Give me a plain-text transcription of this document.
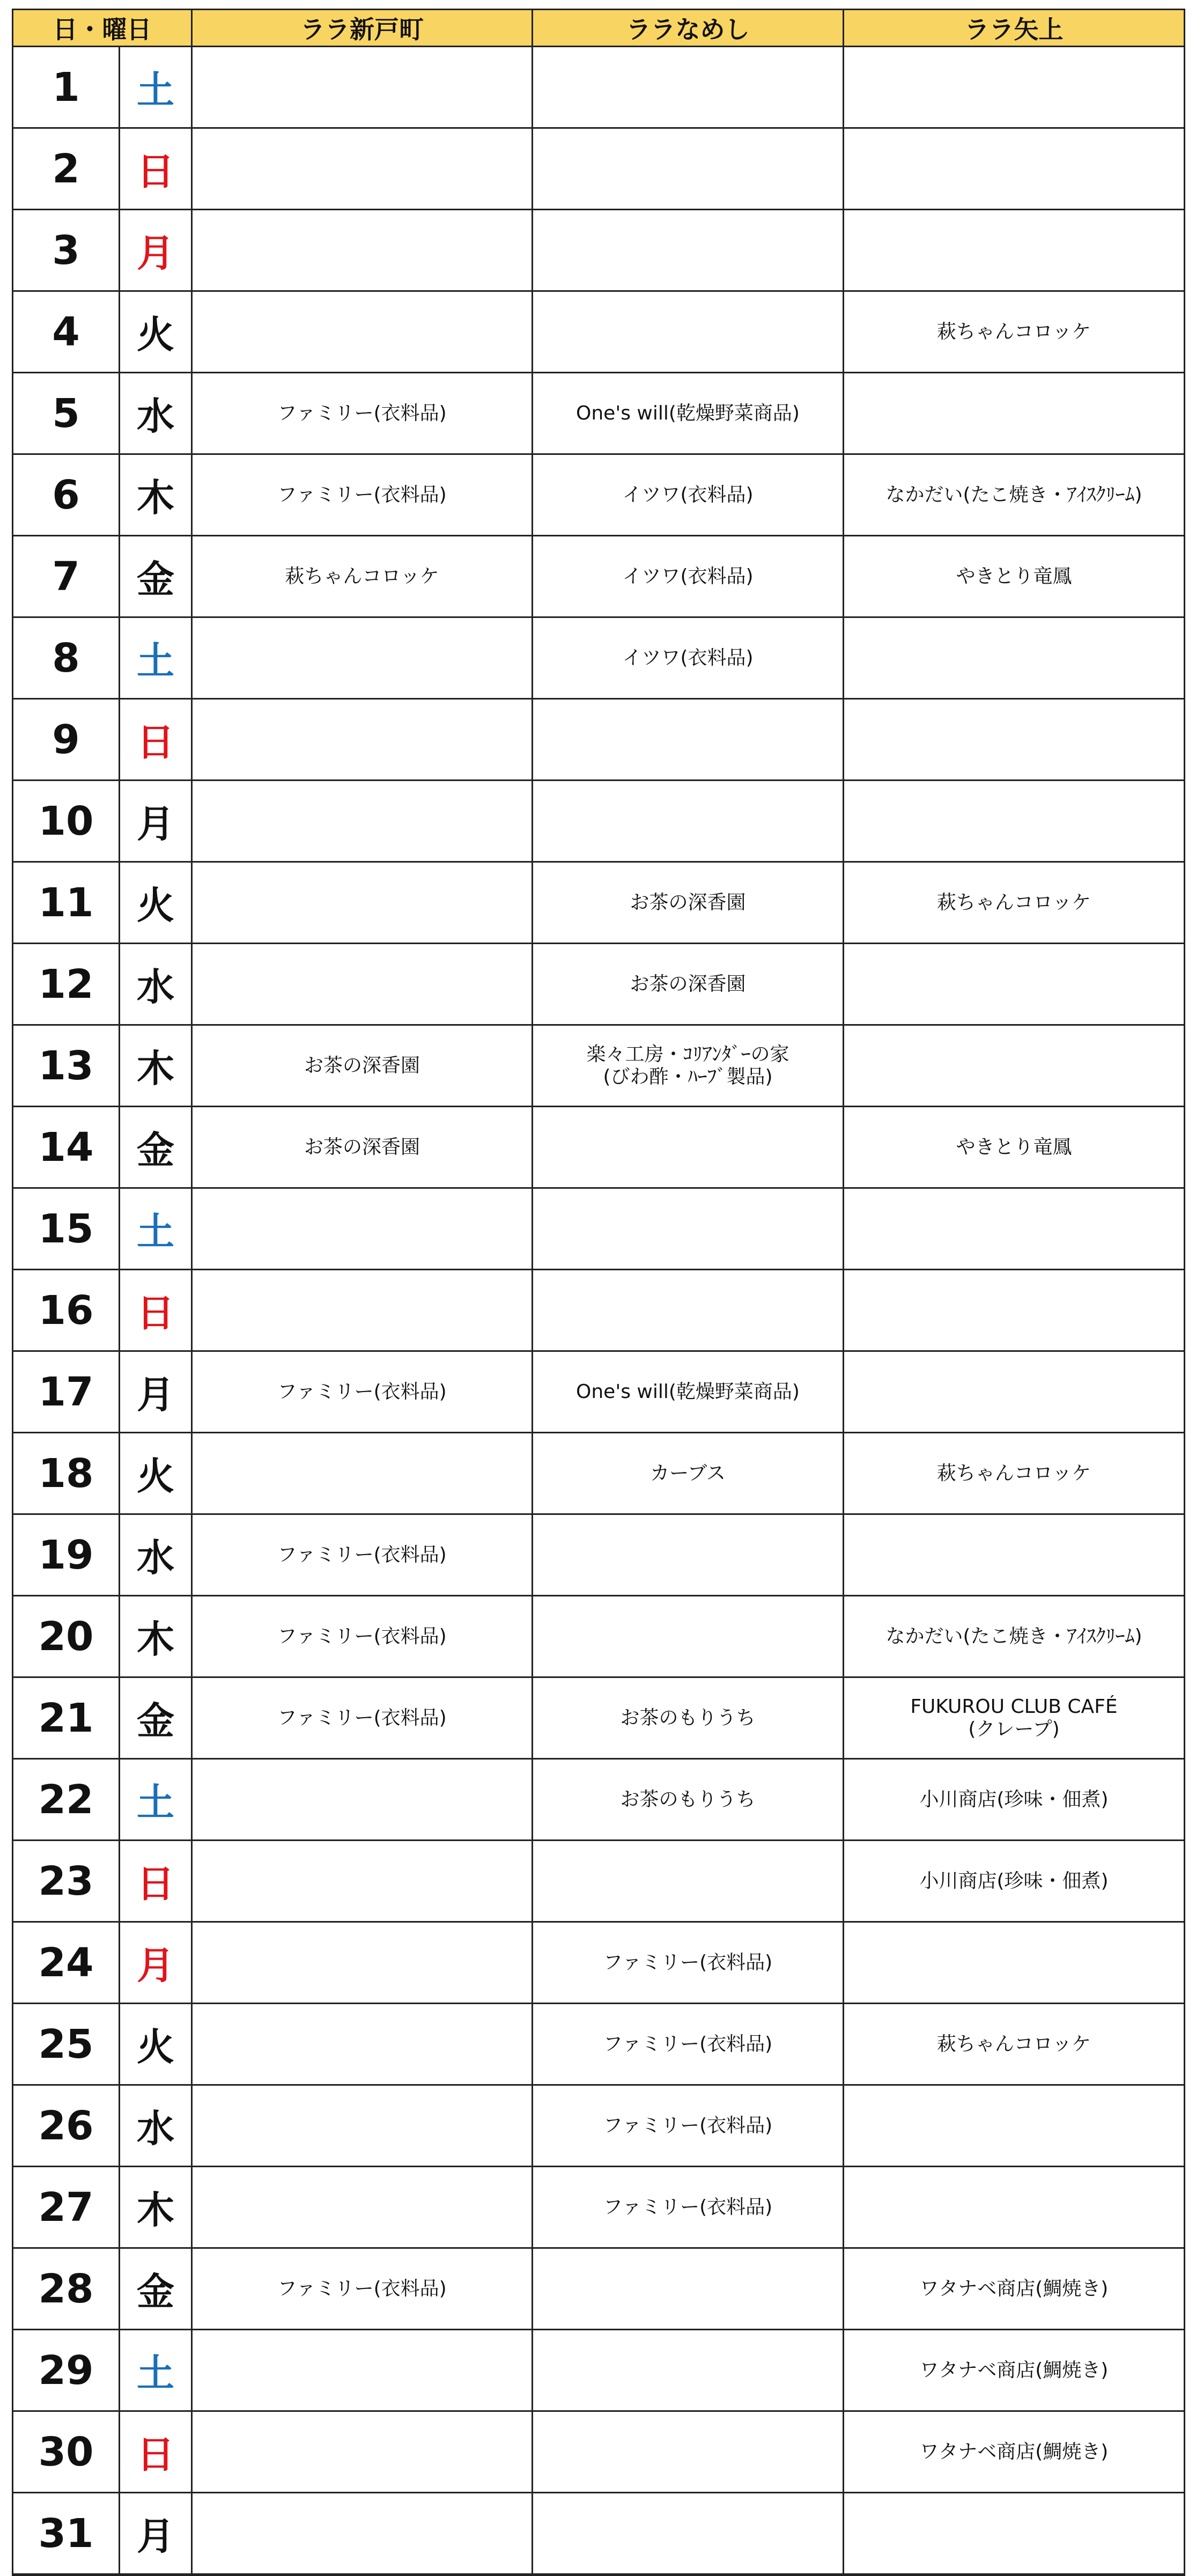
日・曜日		ララ新戸町	ララなめし	ララ矢上
1	土			
2	日			
3	月			
4	火			萩ちゃんコロッケ
5	水	ファミリー(衣料品)	One's will(乾燥野菜商品)	
6	木	ファミリー(衣料品)	イツワ(衣料品)	なかだい(たこ焼き・ｱｲｽｸﾘｰﾑ)
7	金	萩ちゃんコロッケ	イツワ(衣料品)	やきとり竜鳳
8	土		イツワ(衣料品)	
9	日			
10	月			
11	火		お茶の深香園	萩ちゃんコロッケ
12	水		お茶の深香園	
13	木	お茶の深香園	楽々工房・ｺﾘｱﾝﾀﾞｰの家
(びわ酢・ﾊｰﾌﾞ製品)	
14	金	お茶の深香園		やきとり竜鳳
15	土			
16	日			
17	月	ファミリー(衣料品)	One's will(乾燥野菜商品)	
18	火		カーブス	萩ちゃんコロッケ
19	水	ファミリー(衣料品)		
20	木	ファミリー(衣料品)		なかだい(たこ焼き・ｱｲｽｸﾘｰﾑ)
21	金	ファミリー(衣料品)	お茶のもりうち	FUKUROU CLUB CAFÉ
(クレープ)
22	土		お茶のもりうち	小川商店(珍味・佃煮)
23	日			小川商店(珍味・佃煮)
24	月		ファミリー(衣料品)	
25	火		ファミリー(衣料品)	萩ちゃんコロッケ
26	水		ファミリー(衣料品)	
27	木		ファミリー(衣料品)	
28	金	ファミリー(衣料品)		ワタナベ商店(鯛焼き)
29	土			ワタナベ商店(鯛焼き)
30	日			ワタナベ商店(鯛焼き)
31	月			
